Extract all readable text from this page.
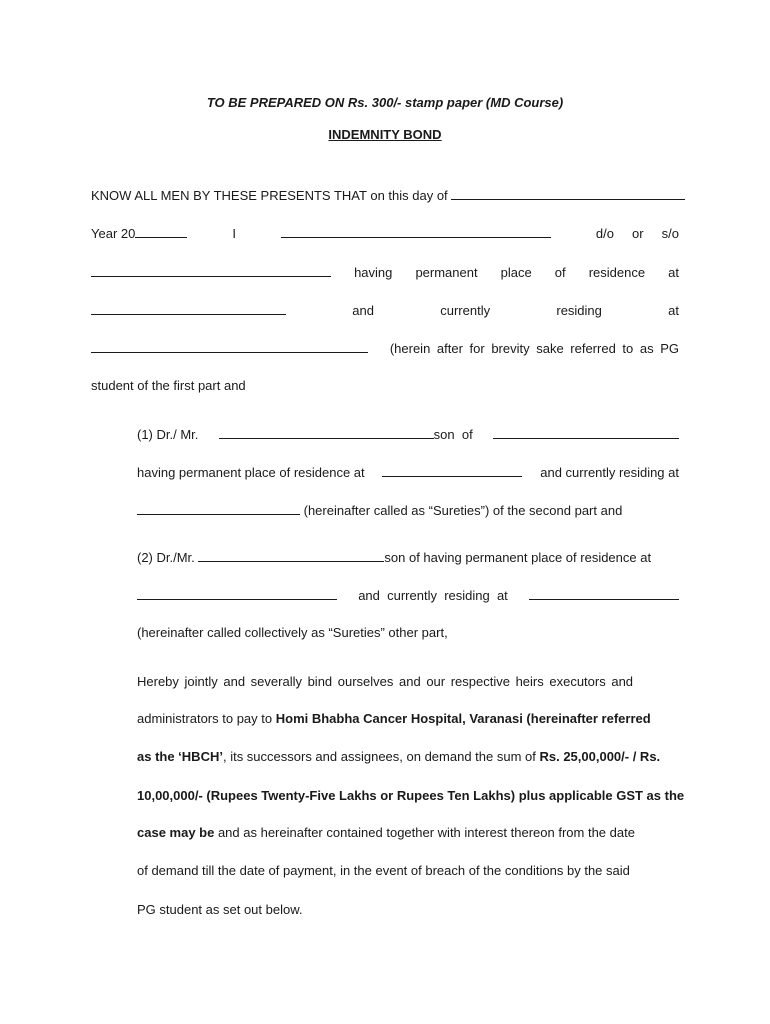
TO BE PREPARED ON Rs. 300/- stamp paper (MD Course)
INDEMNITY BOND
KNOW ALL MEN BY THESE PRESENTS THAT on this day of
Year 20	I	d/o     or     s/o
having permanent place of residence at
and	currently	residing	at
(herein after for brevity sake referred to as PG
student of the first part and
(1) Dr./ Mr.	son  of
having permanent place of residence at	and currently residing at
(hereinafter called as “Sureties”) of the second part and
(2) Dr./Mr.	son of having permanent place of residence at
and  currently  residing  at
(hereinafter called collectively as “Sureties” other part,
Hereby jointly and severally bind ourselves and our respective heirs executors and
administrators to pay to Homi Bhabha Cancer Hospital, Varanasi (hereinafter referred
as the ‘HBCH’, its successors and assignees, on demand the sum of Rs. 25,00,000/- / Rs.
10,00,000/- (Rupees Twenty-Five Lakhs or Rupees Ten Lakhs) plus applicable GST as the
case may be and as hereinafter contained together with interest thereon from the date
of demand till the date of payment, in the event of breach of the conditions by the said
PG student as set out below.
